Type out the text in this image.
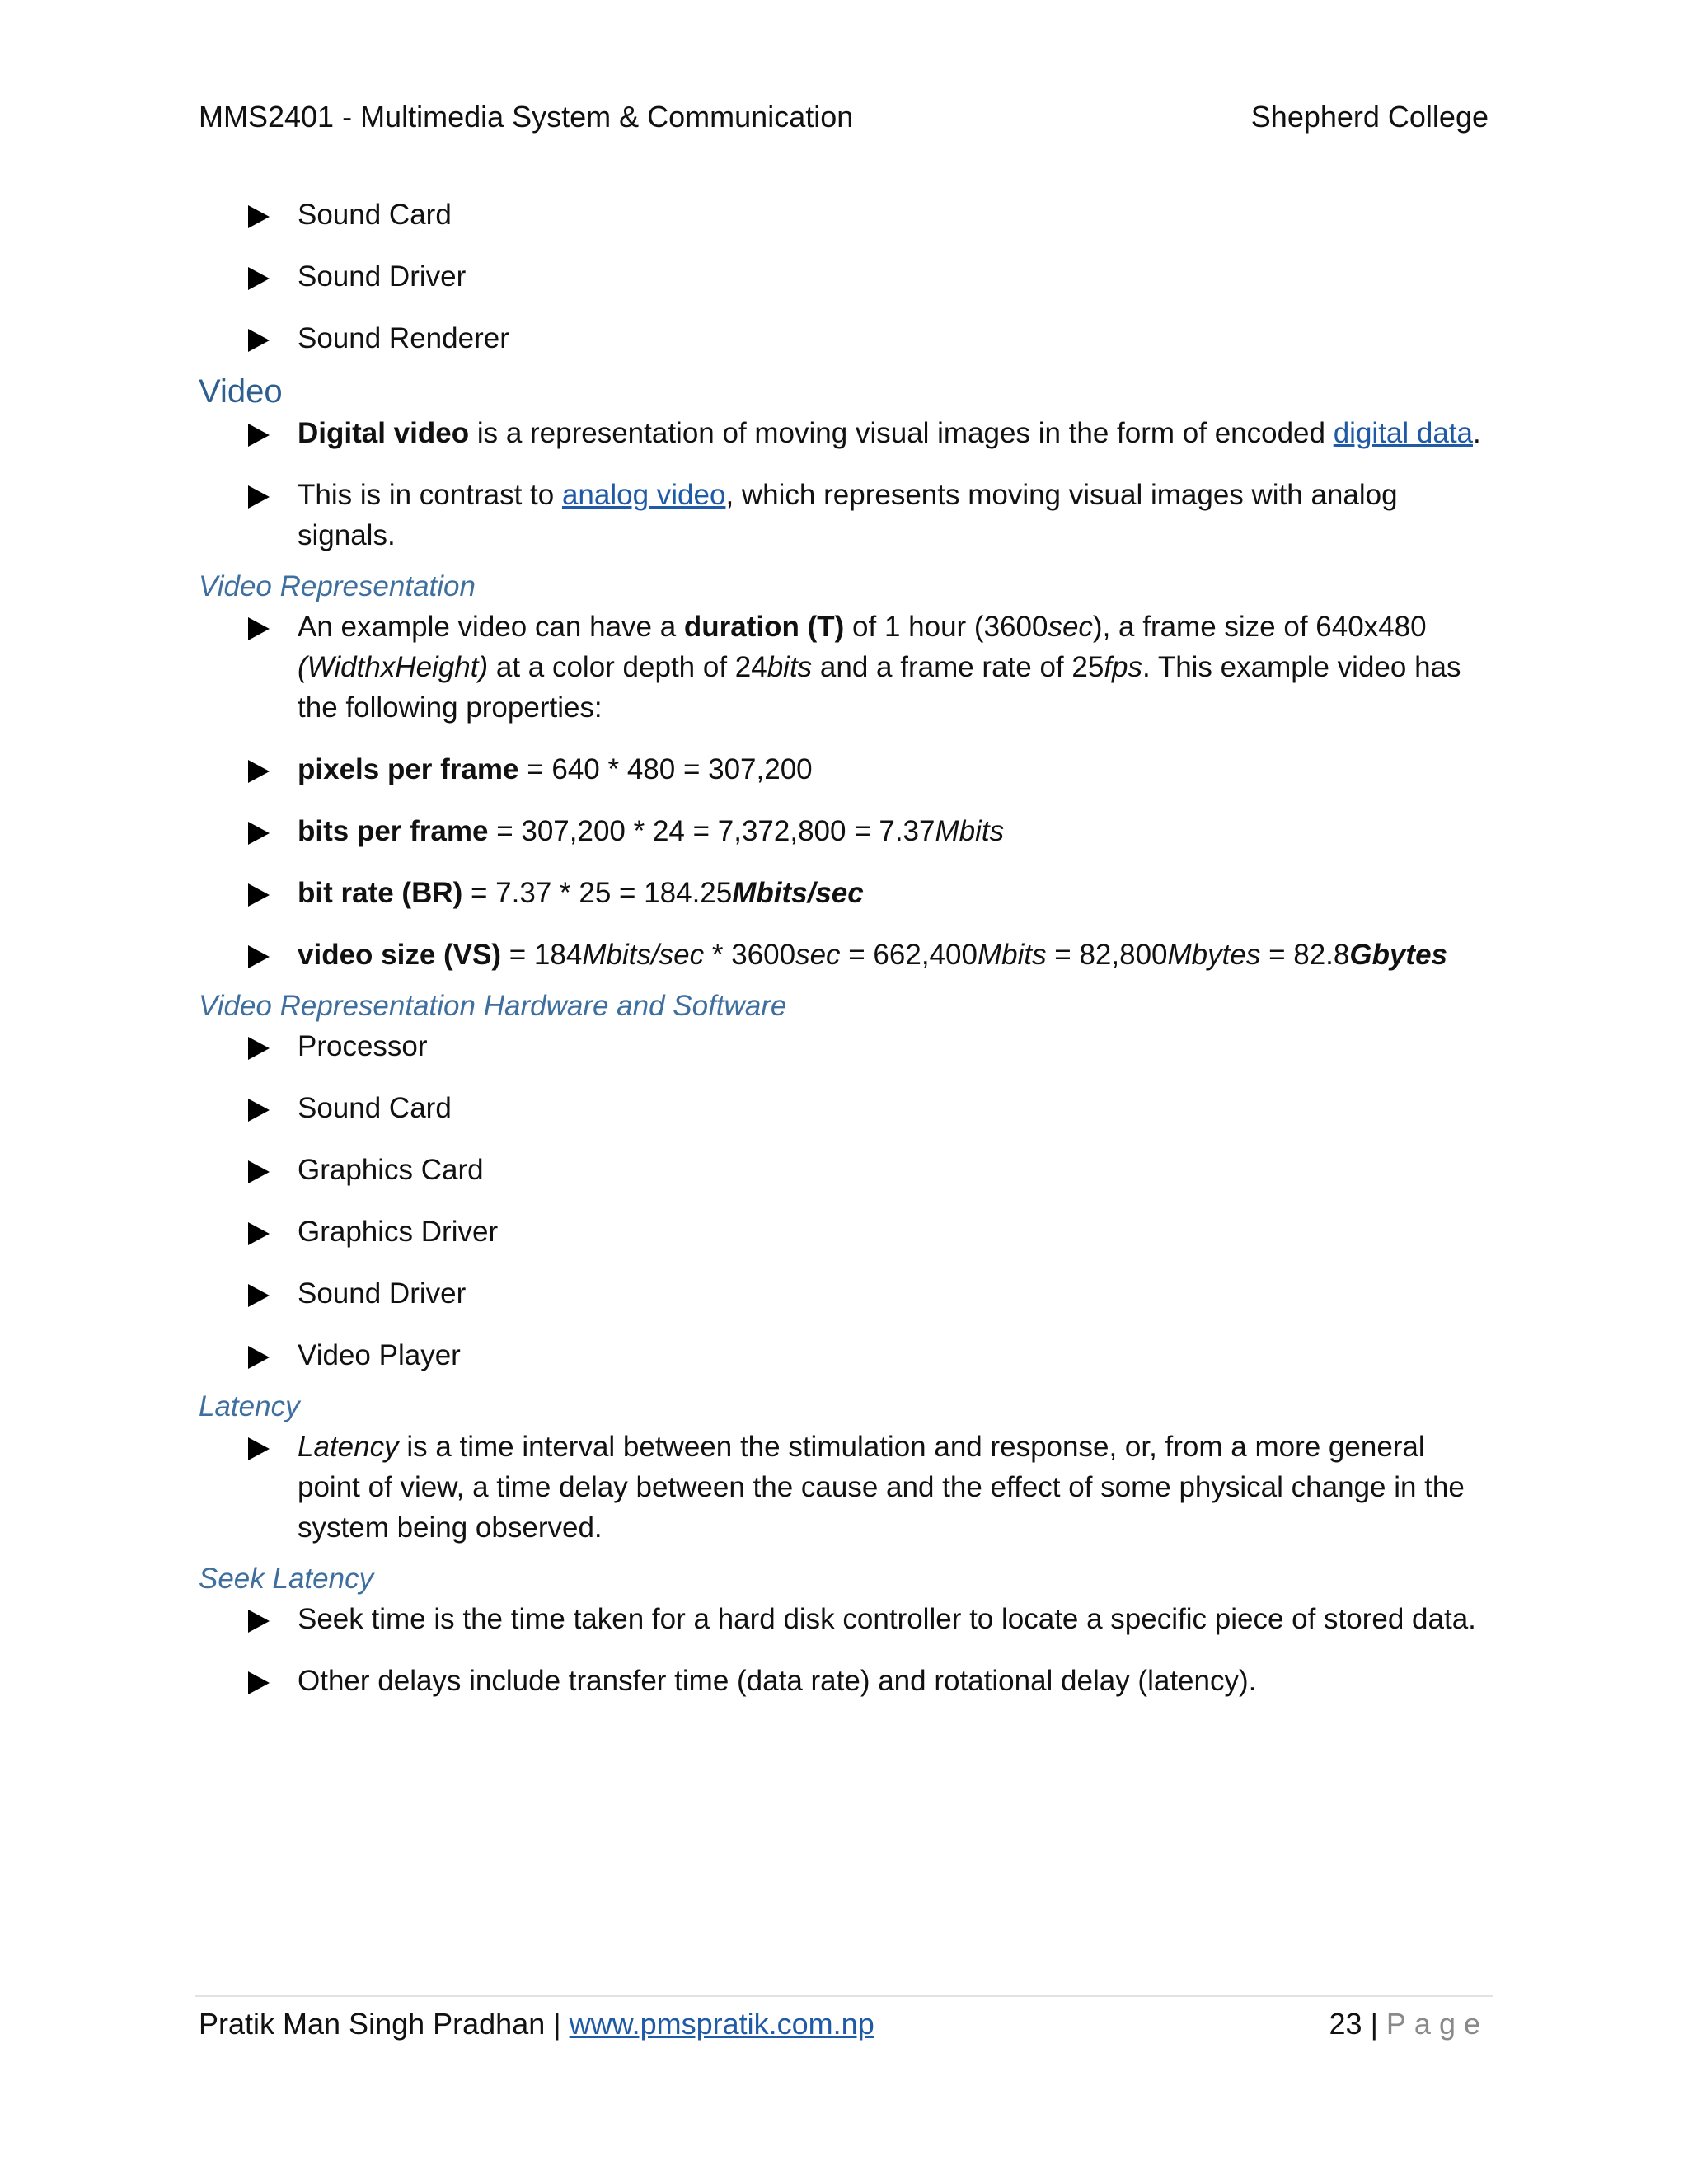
MMS2401 - Multimedia System & Communication	Shepherd College
Sound Card
Sound Driver
Sound Renderer
Video
Digital video is a representation of moving visual images in the form of encoded digital data.
This is in contrast to analog video, which represents moving visual images with analog signals.
Video Representation
An example video can have a duration (T) of 1 hour (3600sec), a frame size of 640x480 (WidthxHeight) at a color depth of 24bits and a frame rate of 25fps. This example video has the following properties:
pixels per frame = 640 * 480 = 307,200
bits per frame = 307,200 * 24 = 7,372,800 = 7.37Mbits
bit rate (BR) = 7.37 * 25 = 184.25Mbits/sec
video size (VS) = 184Mbits/sec * 3600sec = 662,400Mbits = 82,800Mbytes = 82.8Gbytes
Video Representation Hardware and Software
Processor
Sound Card
Graphics Card
Graphics Driver
Sound Driver
Video Player
Latency
Latency is a time interval between the stimulation and response, or, from a more general point of view, a time delay between the cause and the effect of some physical change in the system being observed.
Seek Latency
Seek time is the time taken for a hard disk controller to locate a specific piece of stored data.
Other delays include transfer time (data rate) and rotational delay (latency).
Pratik Man Singh Pradhan | www.pmspratik.com.np	23 | Page
